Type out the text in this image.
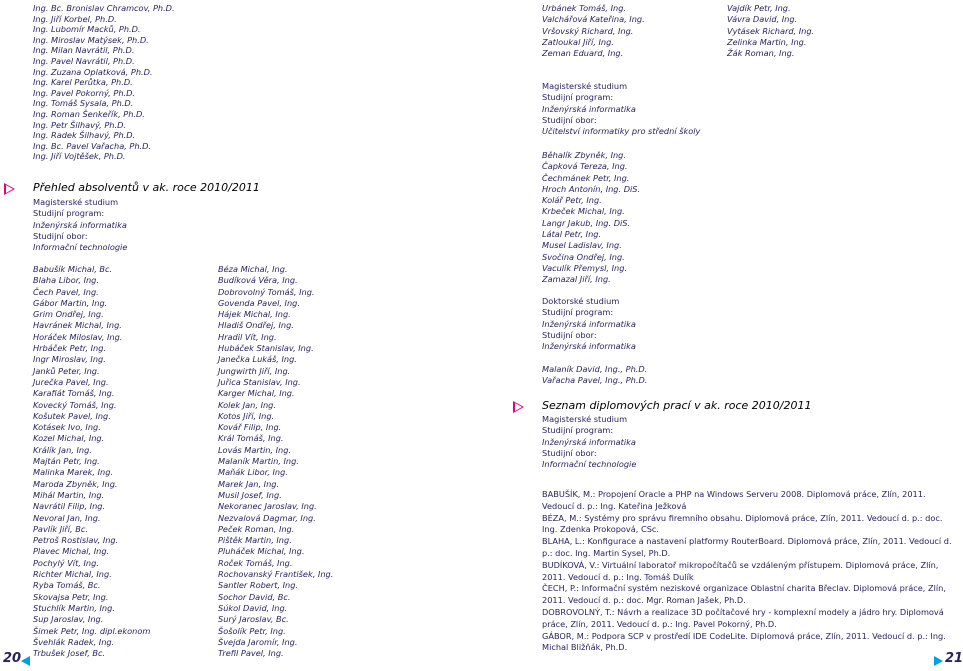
Ing. Bc. Bronislav Chramcov, Ph.D.
Ing. Jiří Korbel, Ph.D.
Ing. Lubomír Macků, Ph.D.
Ing. Miroslav Matýsek, Ph.D.
Ing. Milan Navrátil, Ph.D.
Ing. Pavel Navrátil, Ph.D.
Ing. Zuzana Oplatková, Ph.D.
Ing. Karel Perůtka, Ph.D.
Ing. Pavel Pokorný, Ph.D.
Ing. Tomáš Sysala, Ph.D.
Ing. Roman Šenkeřík, Ph.D.
Ing. Petr Šilhavý, Ph.D.
Ing. Radek Šilhavý, Ph.D.
Ing. Bc. Pavel Vařacha, Ph.D.
Ing. Jiří Vojtěšek, Ph.D.
Přehled absolventů v ak. roce 2010/2011
Magisterské studium
Studijní program:
Inženýrská informatika
Studijní obor:
Informační technologie
Babušík Michal, Bc.
Blaha Libor, Ing.
Čech Pavel, Ing.
Gábor Martin, Ing.
Grim Ondřej, Ing.
Havránek Michal, Ing.
Horáček Miloslav, Ing.
Hrbáček Petr, Ing.
Ingr Miroslav, Ing.
Janků Peter, Ing.
Jurečka Pavel, Ing.
Karafiát Tomáš, Ing.
Kovecký Tomáš, Ing.
Košutek Pavel, Ing.
Kotásek Ivo, Ing.
Kozel Michal, Ing.
Králík Jan, Ing.
Majtán Petr, Ing.
Malinka Marek, Ing.
Maroda Zbyněk, Ing.
Mihál Martin, Ing.
Navrátil Filip, Ing.
Nevoral Jan, Ing.
Pavlík Jiří, Bc.
Petroš Rostislav, Ing.
Plavec Michal, Ing.
Pochylý Vít, Ing.
Richter Michal, Ing.
Ryba Tomáš, Bc.
Skovajsa Petr, Ing.
Stuchlík Martin, Ing.
Sup Jaroslav, Ing.
Šimek Petr, Ing. dipl.ekonom
Švehlák Radek, Ing.
Trbušek Josef, Bc.
Béza Michal, Ing.
Budíková Věra, Ing.
Dobrovolný Tomáš, Ing.
Govenda Pavel, Ing.
Hájek Michal, Ing.
Hladiš Ondřej, Ing.
Hradil Vít, Ing.
Hubáček Stanislav, Ing.
Janečka Lukáš, Ing.
Jungwirth Jiří, Ing.
Juřica Stanislav, Ing.
Karger Michal, Ing.
Kolek Jan, Ing.
Kotos Jiří, Ing.
Kovář Filip, Ing.
Král Tomáš, Ing.
Lovás Martin, Ing.
Malaník Martin, Ing.
Maňák Libor, Ing.
Marek Jan, Ing.
Musil Josef, Ing.
Nekoranec Jaroslav, Ing.
Nezvalová Dagmar, Ing.
Peček Roman, Ing.
Pištěk Martin, Ing.
Pluháček Michal, Ing.
Roček Tomáš, Ing.
Rochovanský František, Ing.
Santler Robert, Ing.
Sochor David, Bc.
Súkol David, Ing.
Surý Jaroslav, Bc.
Šošolík Petr, Ing.
Švejda Jaromír, Ing.
Trefil Pavel, Ing.
20
Urbánek Tomáš, Ing.
Valchářová Kateřina, Ing.
Vršovský Richard, Ing.
Zatloukal Jiří, Ing.
Zeman Eduard, Ing.
Vajdík Petr, Ing.
Vávra David, Ing.
Vytásek Richard, Ing.
Zelinka Martin, Ing.
Žák Roman, Ing.
Magisterské studium
Studijní program:
Inženýrská informatika
Studijní obor:
Učitelství informatiky pro střední školy
Běhalík Zbyněk, Ing.
Čapková Tereza, Ing.
Čechmánek Petr, Ing.
Hroch Antonín, Ing. DiS.
Kolář Petr, Ing.
Krbeček Michal, Ing.
Langr Jakub, Ing. DiS.
Látal Petr, Ing.
Musel Ladislav, Ing.
Svočina Ondřej, Ing.
Vaculík Přemysl, Ing.
Zamazal Jiří, Ing.
Doktorské studium
Studijní program:
Inženýrská informatika
Studijní obor:
Inženýrská informatika
Malaník David, Ing., Ph.D.
Vařacha Pavel, Ing., Ph.D.
Seznam diplomových prací v ak. roce 2010/2011
Magisterské studium
Studijní program:
Inženýrská informatika
Studijní obor:
Informační technologie
BABUŠÍK, M.: Propojení Oracle a PHP na Windows Serveru 2008. Diplomová práce, Zlín, 2011. Vedoucí d. p.: Ing. Kateřina Ježková
BÉZA, M.: Systémy pro správu firemního obsahu. Diplomová práce, Zlín, 2011. Vedoucí d. p.: doc. Ing. Zdenka Prokopová, CSc.
BLAHA, L.: Konfigurace a nastavení platformy RouterBoard. Diplomová práce, Zlín, 2011. Vedoucí d. p.: doc. Ing. Martin Sysel, Ph.D.
BUDÍKOVÁ, V.: Virtuální laboratoř mikropočítačů se vzdáleným přístupem. Diplomová práce, Zlín, 2011. Vedoucí d. p.: Ing. Tomáš Dulík
ČECH, P.: Informační systém neziskové organizace Oblastní charita Břeclav. Diplomová práce, Zlín, 2011. Vedoucí d. p.: doc. Mgr. Roman Jašek, Ph.D.
DOBROVOLNÝ, T.: Návrh a realizace 3D počítačové hry - komplexní modely a jádro hry. Diplomová práce, Zlín, 2011. Vedoucí d. p.: Ing. Pavel Pokorný, Ph.D.
GÁBOR, M.: Podpora SCP v prostředí IDE CodeLite. Diplomová práce, Zlín, 2011. Vedoucí d. p.: Ing. Michal Bližňák, Ph.D.
21
